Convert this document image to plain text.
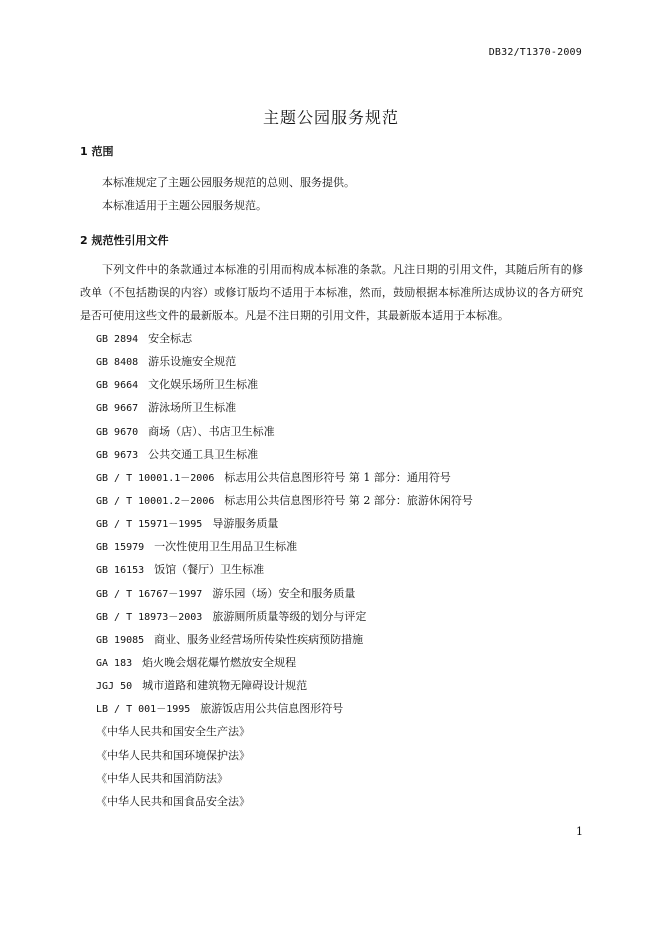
DB32/T1370-2009
主题公园服务规范
1 范围
本标准规定了主题公园服务规范的总则、服务提供。
本标准适用于主题公园服务规范。
2 规范性引用文件
下列文件中的条款通过本标准的引用而构成本标准的条款。凡注日期的引用文件，其随后所有的修改单（不包括勘误的内容）或修订版均不适用于本标准，然而，鼓励根据本标准所达成协议的各方研究是否可使用这些文件的最新版本。凡是不注日期的引用文件，其最新版本适用于本标准。
GB 2894 安全标志
GB 8408 游乐设施安全规范
GB 9664 文化娱乐场所卫生标准
GB 9667 游泳场所卫生标准
GB 9670 商场（店）、书店卫生标准
GB 9673 公共交通工具卫生标准
GB / T 10001.1－2006 标志用公共信息图形符号 第 1 部分：通用符号
GB / T 10001.2－2006 标志用公共信息图形符号 第 2 部分：旅游休闲符号
GB / T 15971－1995 导游服务质量
GB 15979 一次性使用卫生用品卫生标准
GB 16153 饭馆（餐厅）卫生标准
GB / T 16767－1997 游乐园（场）安全和服务质量
GB / T 18973－2003 旅游厕所质量等级的划分与评定
GB 19085 商业、服务业经营场所传染性疾病预防措施
GA 183 焰火晚会烟花爆竹燃放安全规程
JGJ 50 城市道路和建筑物无障碍设计规范
LB / T 001－1995 旅游饭店用公共信息图形符号
《中华人民共和国安全生产法》
《中华人民共和国环境保护法》
《中华人民共和国消防法》
《中华人民共和国食品安全法》
1
